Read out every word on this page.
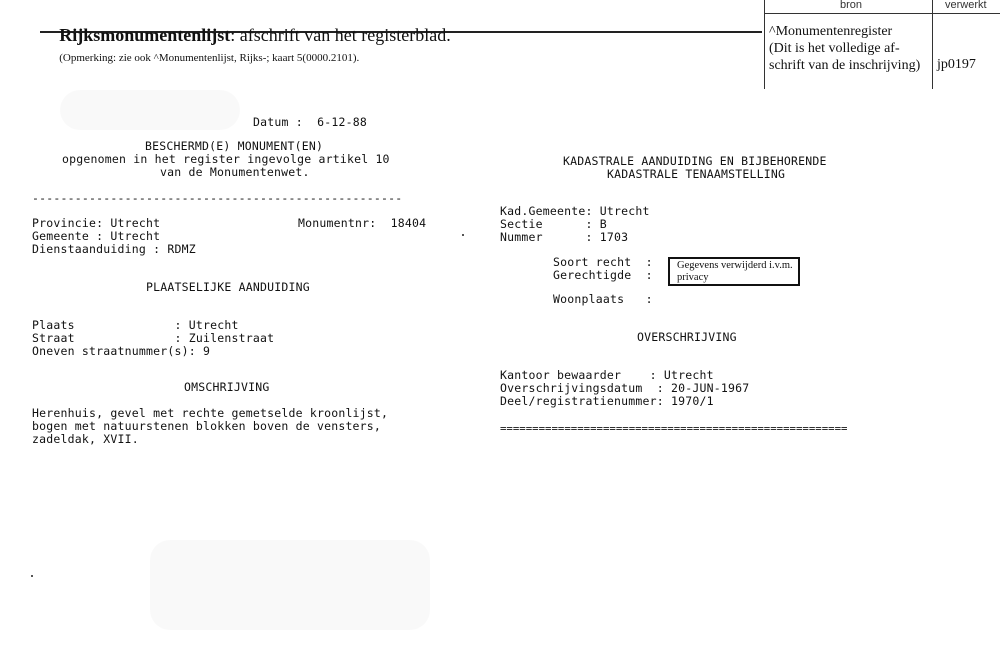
Rijksmonumentenlijst: afschrift van het registerblad.
(Opmerking: zie ook ^Monumentenlijst, Rijks-; kaart 5(0000.2101).

bron	verwerkt
^Monumentenregister
(Dit is het volledige af-
schrift van de inschrijving) jp0197
Datum :  6-12-88
BESCHERMD(E) MONUMENT(EN)
opgenomen in het register ingevolge artikel 10
van de Monumentenwet.
----------------------------------------------------
Provincie: Utrecht	Monumentnr:  18404
Gemeente : Utrecht
Dienstaanduiding : RDMZ
PLAATSELIJKE AANDUIDING
Plaats              : Utrecht
Straat              : Zuilenstraat
Oneven straatnummer(s): 9
OMSCHRIJVING
Herenhuis, gevel met rechte gemetselde kroonlijst,
bogen met natuurstenen blokken boven de vensters,
zadeldak, XVII.
KADASTRALE AANDUIDING EN BIJBEHORENDE
KADASTRALE TENAAMSTELLING
Kad.Gemeente: Utrecht
Sectie      : B
Nummer      : 1703
Soort recht  :
Gerechtigde  :
Gegevens verwijderd i.v.m. privacy
Woonplaats   :
OVERSCHRIJVING
Kantoor bewaarder    : Utrecht
Overschrijvingsdatum  : 20-JUN-1967
Deel/registratienummer: 1970/1
======================================================
